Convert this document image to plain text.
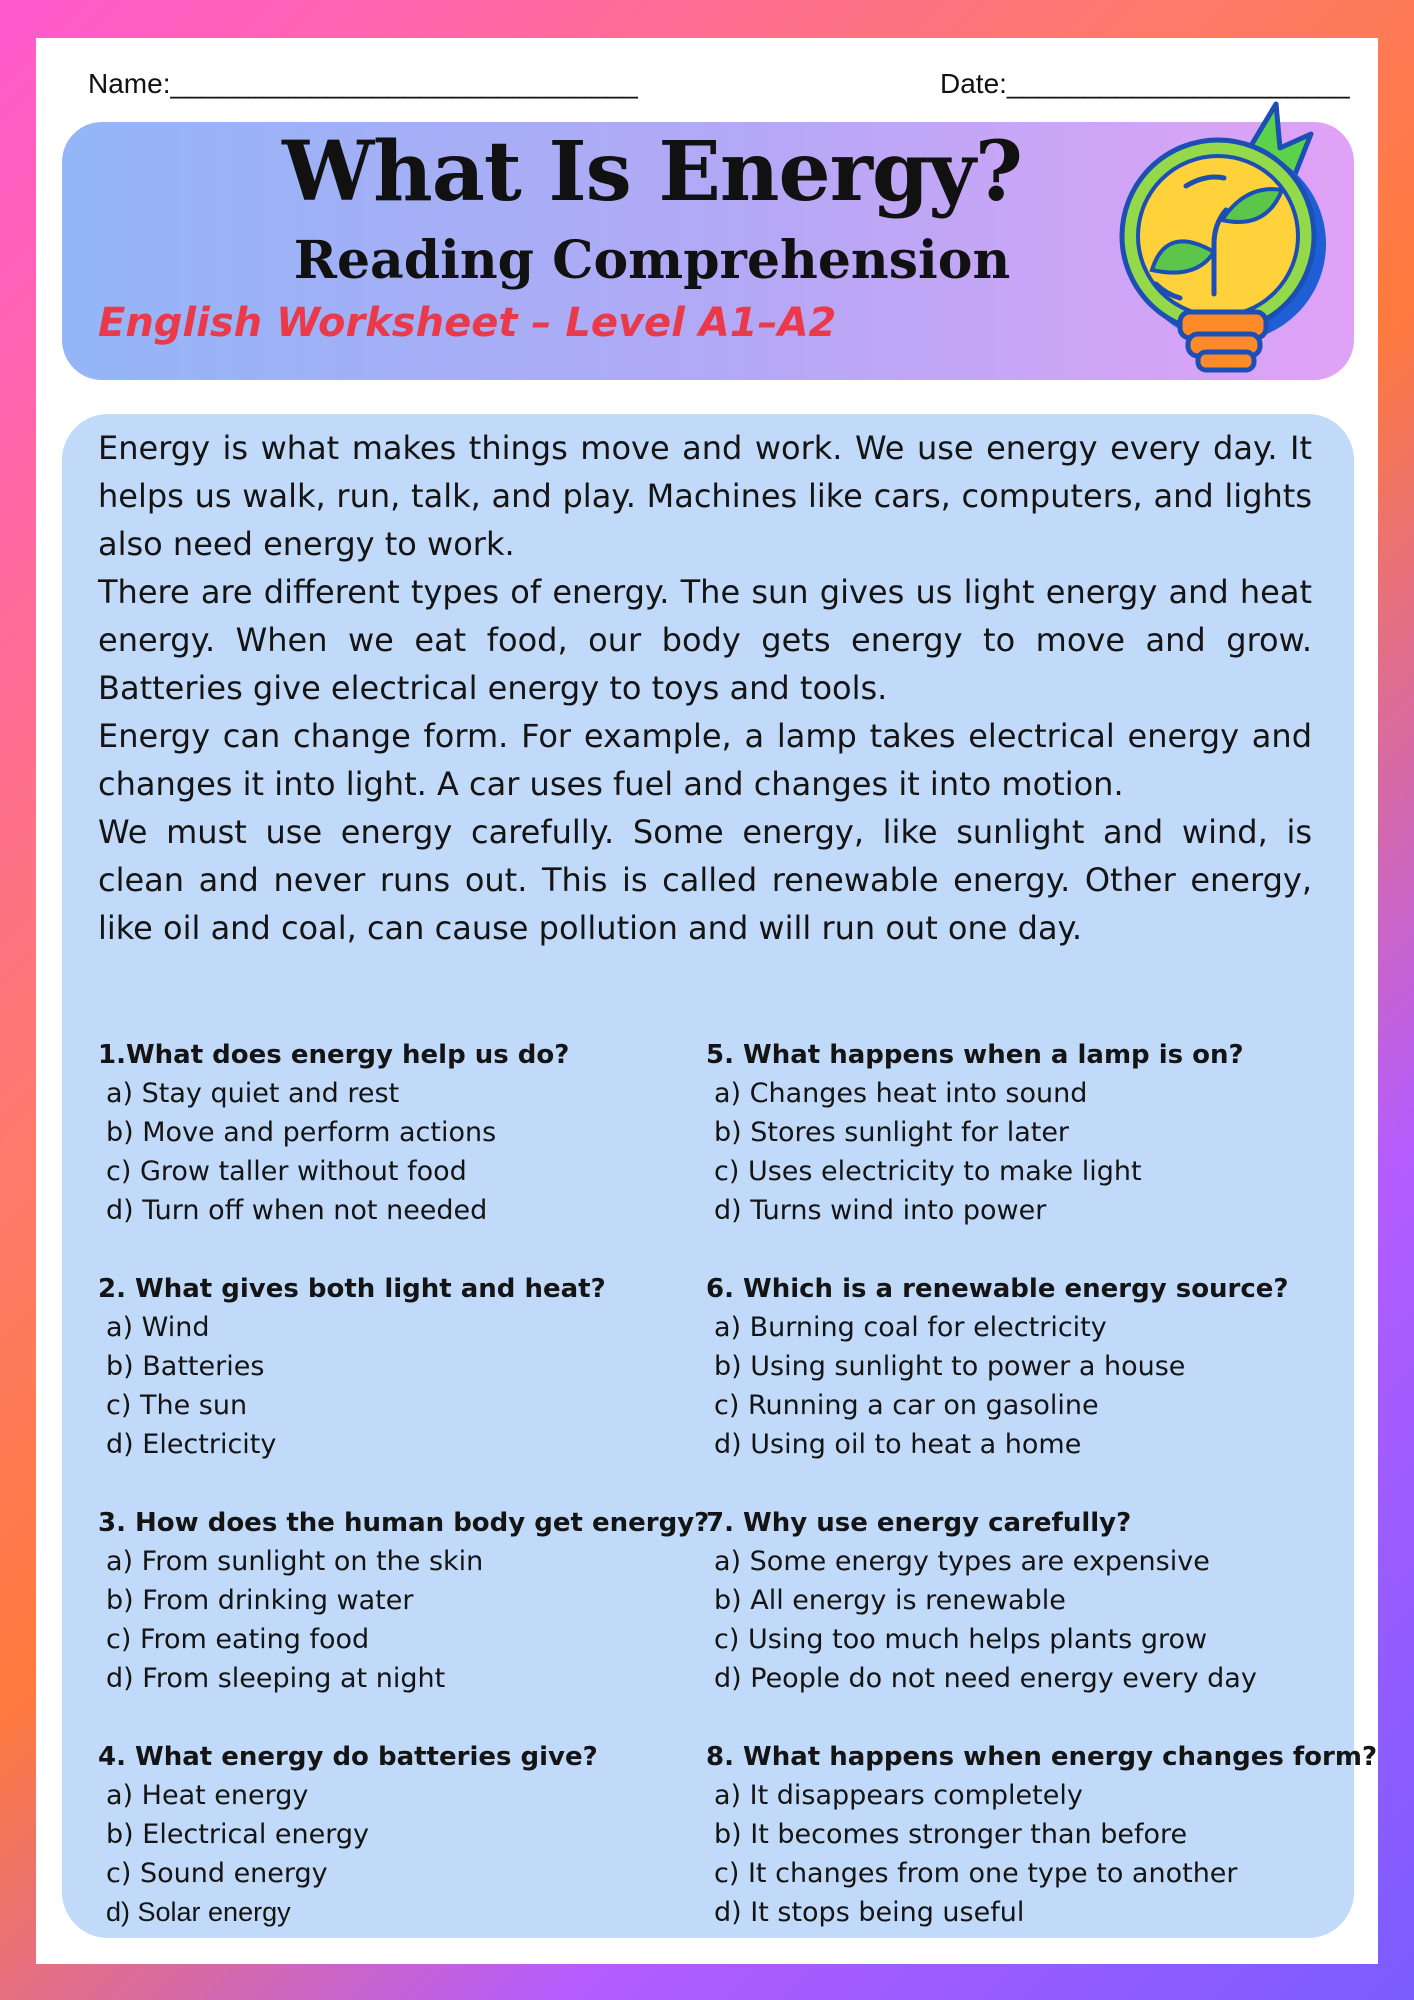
Name:______________________________	Date:______________________
What Is Energy?
Reading Comprehension
English Worksheet – Level A1–A2

Energy is what makes things move and work. We use energy every day. It helps us walk, run, talk, and play. Machines like cars, computers, and lights also need energy to work.

There are different types of energy. The sun gives us light energy and heat energy. When we eat food, our body gets energy to move and grow. Batteries give electrical energy to toys and tools.

Energy can change form. For example, a lamp takes electrical energy and changes it into light. A car uses fuel and changes it into motion.

We must use energy carefully. Some energy, like sunlight and wind, is clean and never runs out. This is called renewable energy. Other energy, like oil and coal, can cause pollution and will run out one day.

1.What does energy help us do?
a) Stay quiet and rest
b) Move and perform actions
c) Grow taller without food
d) Turn off when not needed
2. What gives both light and heat?
a) Wind
b) Batteries
c) The sun
d) Electricity
3. How does the human body get energy?
a) From sunlight on the skin
b) From drinking water
c) From eating food
d) From sleeping at night
4. What energy do batteries give?
a) Heat energy
b) Electrical energy
c) Sound energy
d) Solar energy
5. What happens when a lamp is on?
a) Changes heat into sound
b) Stores sunlight for later
c) Uses electricity to make light
d) Turns wind into power
6. Which is a renewable energy source?
a) Burning coal for electricity
b) Using sunlight to power a house
c) Running a car on gasoline
d) Using oil to heat a home
7. Why use energy carefully?
a) Some energy types are expensive
b) All energy is renewable
c) Using too much helps plants grow
d) People do not need energy every day
8. What happens when energy changes form?
a) It disappears completely
b) It becomes stronger than before
c) It changes from one type to another
d) It stops being useful
